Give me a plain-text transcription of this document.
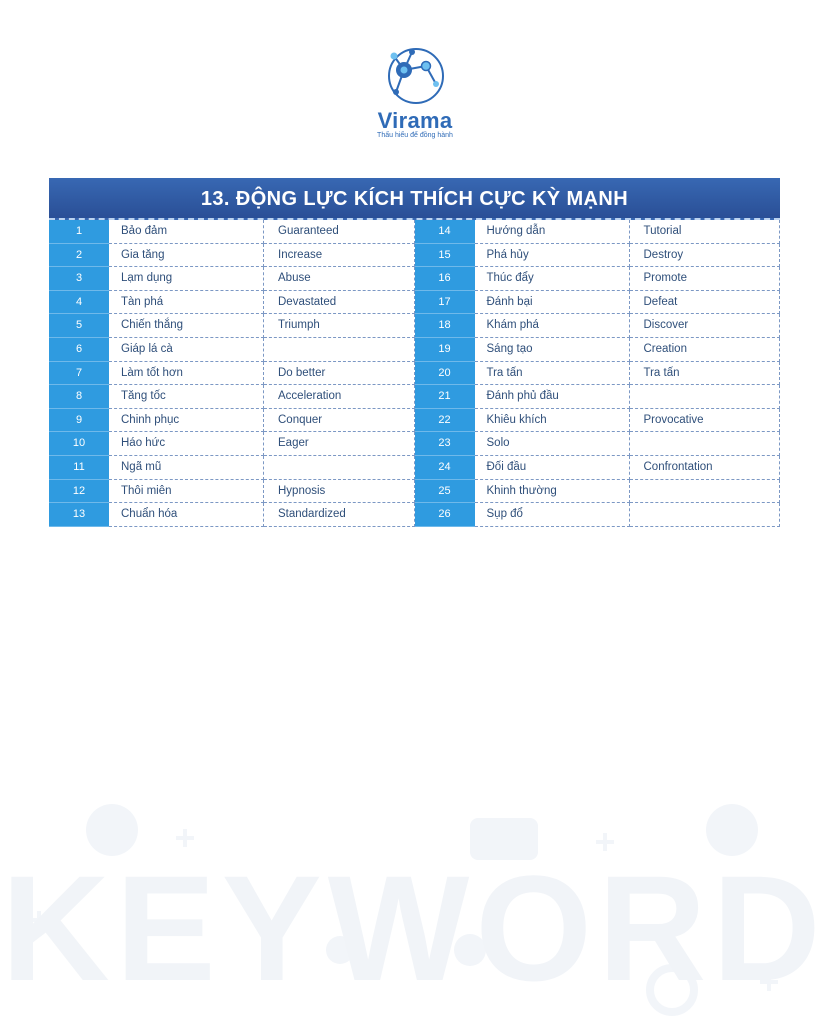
Virama
Thấu hiểu để đồng hành
13. ĐỘNG LỰC KÍCH THÍCH CỰC KỲ MẠNH
1	Bảo đảm	Guaranteed
2	Gia tăng	Increase
3	Lạm dụng	Abuse
4	Tàn phá	Devastated
5	Chiến thắng	Triumph
6	Giáp lá cà
7	Làm tốt hơn	Do better
8	Tăng tốc	Acceleration
9	Chinh phục	Conquer
10	Háo hức	Eager
11	Ngã mũ
12	Thôi miên	Hypnosis
13	Chuẩn hóa	Standardized
14	Hướng dẫn	Tutorial
15	Phá hủy	Destroy
16	Thúc đẩy	Promote
17	Đánh bại	Defeat
18	Khám phá	Discover
19	Sáng tạo	Creation
20	Tra tấn	Tra tấn
21	Đánh phủ đầu
22	Khiêu khích	Provocative
23	Solo
24	Đối đầu	Confrontation
25	Khinh thường
26	Sụp đổ
KEYWORD
